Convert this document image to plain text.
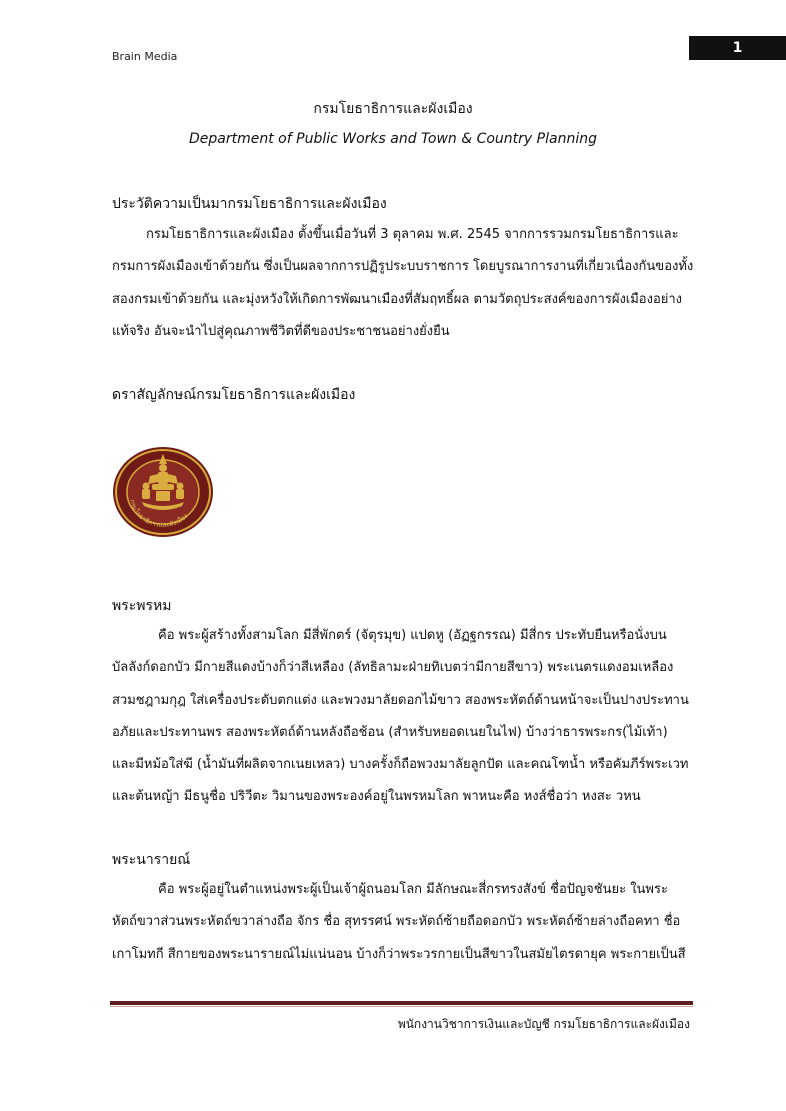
Brain Media
1
กรมโยธาธิการและผังเมือง
Department of Public Works and Town & Country Planning
ประวัติความเป็นมากรมโยธาธิการและผังเมือง
กรมโยธาธิการและผังเมือง ตั้งขึ้นเมื่อวันที่ 3 ตุลาคม พ.ศ. 2545 จากการรวมกรมโยธาธิการและ
กรมการผังเมืองเข้าด้วยกัน ซึ่งเป็นผลจากการปฏิรูประบบราชการ โดยบูรณาการงานที่เกี่ยวเนื่องกันของทั้ง
สองกรมเข้าด้วยกัน และมุ่งหวังให้เกิดการพัฒนาเมืองที่สัมฤทธิ์ผล ตามวัตถุประสงค์ของการผังเมืองอย่าง
แท้จริง อันจะนำไปสู่คุณภาพชีวิตที่ดีของประชาชนอย่างยั่งยืน
ดราสัญลักษณ์กรมโยธาธิการและผังเมือง
กรมโยธาธิการและผังเมือง
พระพรหม
คือ พระผู้สร้างทั้งสามโลก มีสี่พักตร์ (จัตุรมุข) แปดหู (อัฏฐกรรณ) มีสี่กร ประทับยืนหรือนั่งบน
บัลลังก์ดอกบัว มีกายสีแดงบ้างก็ว่าสีเหลือง (ลัทธิลามะฝ่ายทิเบตว่ามีกายสีขาว) พระเนตรแดงอมเหลือง
สวมชฎามกุฎ ใส่เครื่องประดับตกแต่ง และพวงมาลัยดอกไม้ขาว สองพระหัตถ์ด้านหน้าจะเป็นปางประทาน
อภัยและประทานพร สองพระหัตถ์ด้านหลังถือช้อน (สำหรับหยอดเนยในไฟ) บ้างว่าธารพระกร(ไม้เท้า)
และมีหม้อใส่ฆี (น้ำมันที่ผลิตจากเนยเหลว) บางครั้งก็ถือพวงมาลัยลูกปัด และคณโฑน้ำ หรือคัมภีร์พระเวท
และต้นหญ้า มีธนูชื่อ ปริวีตะ วิมานของพระองค์อยู่ในพรหมโลก พาหนะคือ หงส์ชื่อว่า หงสะ วหน
พระนารายณ์
คือ พระผู้อยู่ในตำแหน่งพระผู้เป็นเจ้าผู้ถนอมโลก มีลักษณะสี่กรทรงสังข์ ชื่อปัญจชันยะ ในพระ
หัตถ์ขวาส่วนพระหัตถ์ขวาล่างถือ จักร ชื่อ สุทรรศน์ พระหัตถ์ซ้ายถือดอกบัว พระหัตถ์ซ้ายล่างถือคทา ชื่อ
เกาโมทกี สีกายของพระนารายณ์ไม่แน่นอน บ้างก็ว่าพระวรกายเป็นสีขาวในสมัยไตรดายุค พระกายเป็นสี
พนักงานวิชาการเงินและบัญชี กรมโยธาธิการและผังเมือง
